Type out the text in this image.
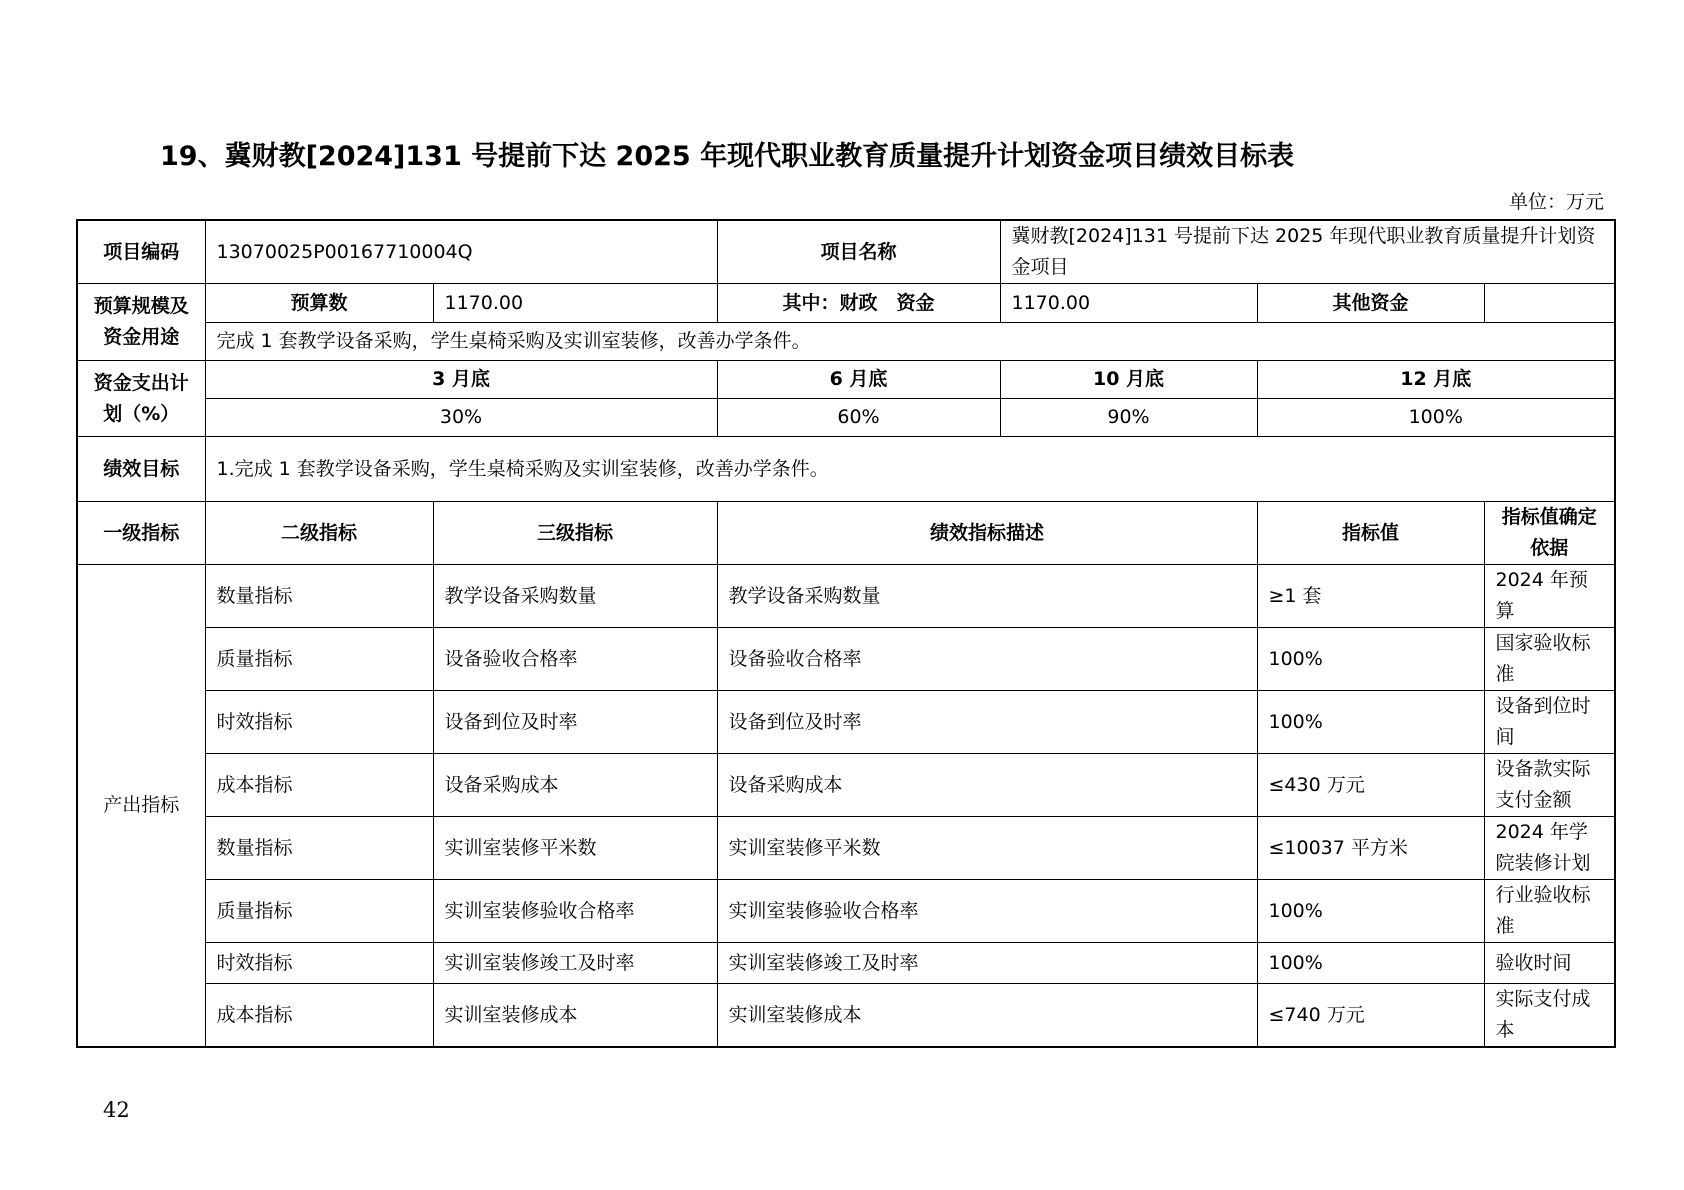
19、冀财教[2024]131 号提前下达 2025 年现代职业教育质量提升计划资金项目绩效目标表
单位：万元
项目编码	13070025P00167710004Q		项目名称	冀财教[2024]131 号提前下达 2025 年现代职业教育质量提升计划资金项目		
预算规模及资金用途	预算数	1170.00	其中：财政　资金	1170.00	其他资金	
	完成 1 套教学设备采购，学生桌椅采购及实训室装修，改善办学条件。					
资金支出计划（%）	3 月底		6 月底	10 月底	12 月底	
	30%		60%	90%	100%	
绩效目标	1.完成 1 套教学设备采购，学生桌椅采购及实训室装修，改善办学条件。					
一级指标	二级指标	三级指标	绩效指标描述		指标值	指标值确定依据
产出指标	数量指标	教学设备采购数量	教学设备采购数量		≥1 套	2024 年预算
	质量指标	设备验收合格率	设备验收合格率		100%	国家验收标准
	时效指标	设备到位及时率	设备到位及时率		100%	设备到位时间
	成本指标	设备采购成本	设备采购成本		≤430 万元	设备款实际支付金额
	数量指标	实训室装修平米数	实训室装修平米数		≤10037 平方米	2024 年学院装修计划
	质量指标	实训室装修验收合格率	实训室装修验收合格率		100%	行业验收标准
	时效指标	实训室装修竣工及时率	实训室装修竣工及时率		100%	验收时间
	成本指标	实训室装修成本	实训室装修成本		≤740 万元	实际支付成本
42
